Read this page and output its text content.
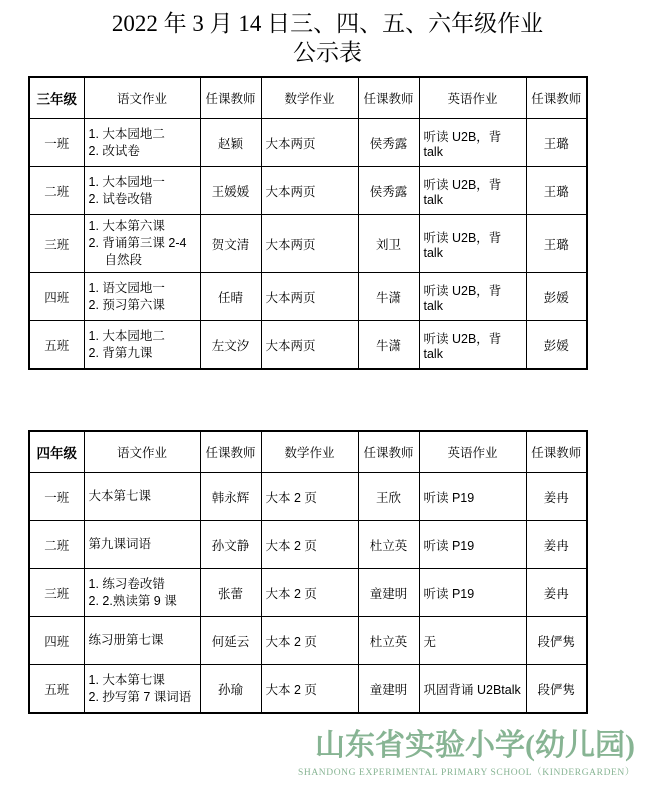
2022 年 3 月 14 日三、四、五、六年级作业
公示表
三年级	语文作业	任课教师	数学作业	任课教师	英语作业	任课教师
一班	1. 大本园地二
2. 改试卷	赵颖	大本两页	侯秀露	听读 U2B，背 talk	王璐
二班	1. 大本园地一
2. 试卷改错	王媛媛	大本两页	侯秀露	听读 U2B，背 talk	王璐
三班	1. 大本第六课
2. 背诵第三课 2-4 自然段	贺文清	大本两页	刘卫	听读 U2B，背 talk	王璐
四班	1. 语文园地一
2. 预习第六课	任晴	大本两页	牛潇	听读 U2B，背 talk	彭媛
五班	1. 大本园地二
2. 背第九课	左文汐	大本两页	牛潇	听读 U2B，背 talk	彭媛
四年级	语文作业	任课教师	数学作业	任课教师	英语作业	任课教师
一班	大本第七课	韩永辉	大本 2 页	王欣	听读 P19	姜冉
二班	第九课词语	孙文静	大本 2 页	杜立英	听读 P19	姜冉
三班	1. 练习卷改错
2. 2.熟读第 9 课	张蕾	大本 2 页	童建明	听读 P19	姜冉
四班	练习册第七课	何延云	大本 2 页	杜立英	无	段俨隽
五班	1. 大本第七课
2. 抄写第 7 课词语	孙瑜	大本 2 页	童建明	巩固背诵 U2Btalk	段俨隽
山东省实验小学(幼儿园)
SHANDONG EXPERIMENTAL PRIMARY SCHOOL（KINDERGARDEN）
